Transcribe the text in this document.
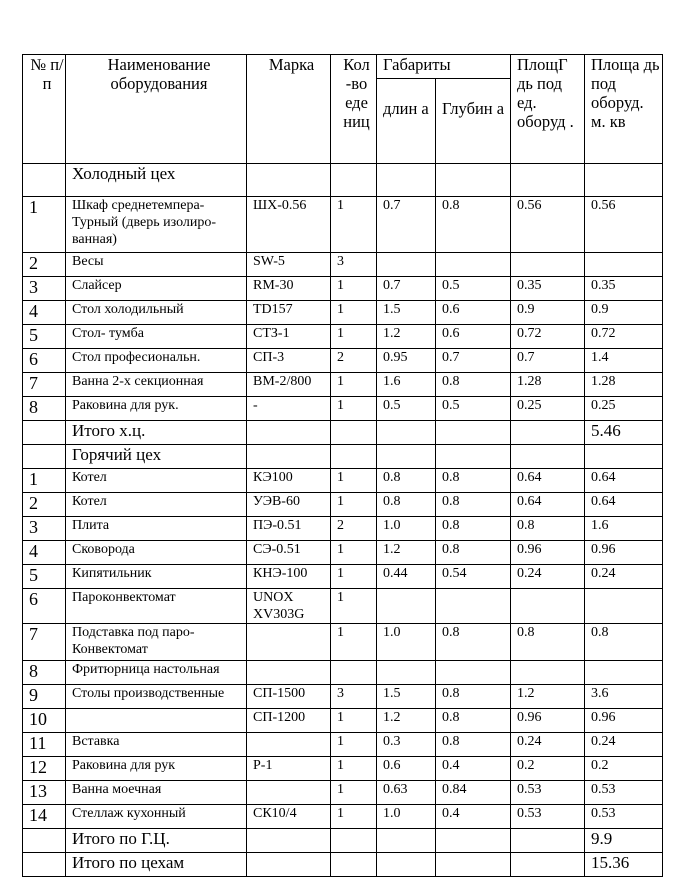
№ п/п	Наименование оборудования	Марка	Кол -во еде ниц	Габариты		ПлощГ дь под ед. оборуд .	Площа дь под оборуд. м. кв
				длин а	Глубин а		
	Холодный цех						
1	Шкаф среднетемпера-Турный (дверь изолиро-ванная)	ШХ-0.56	1	0.7	0.8	0.56	0.56
2	Весы	SW-5	3				
3	Слайсер	RM-30	1	0.7	0.5	0.35	0.35
4	Стол холодильный	TD157	1	1.5	0.6	0.9	0.9
5	Стол- тумба	СТЗ-1	1	1.2	0.6	0.72	0.72
6	Стол професиональн.	СП-3	2	0.95	0.7	0.7	1.4
7	Ванна 2-х секционная	ВМ-2/800	1	1.6	0.8	1.28	1.28
8	Раковина для рук.	-	1	0.5	0.5	0.25	0.25
	Итого х.ц.						5.46
	Горячий цех						
1	Котел	КЭ100	1	0.8	0.8	0.64	0.64
2	Котел	УЭВ-60	1	0.8	0.8	0.64	0.64
3	Плита	ПЭ-0.51	2	1.0	0.8	0.8	1.6
4	Сковорода	СЭ-0.51	1	1.2	0.8	0.96	0.96
5	Кипятильник	КНЭ-100	1	0.44	0.54	0.24	0.24
6	Пароконвектомат	UNOX XV303G	1				
7	Подставка под паро-Конвектомат		1	1.0	0.8	0.8	0.8
8	Фритюрница настольная						
9	Столы производственные	СП-1500	3	1.5	0.8	1.2	3.6
10		СП-1200	1	1.2	0.8	0.96	0.96
11	Вставка		1	0.3	0.8	0.24	0.24
12	Раковина для рук	Р-1	1	0.6	0.4	0.2	0.2
13	Ванна моечная		1	0.63	0.84	0.53	0.53
14	Стеллаж кухонный	СК10/4	1	1.0	0.4	0.53	0.53
	Итого по Г.Ц.						9.9
	Итого по цехам						15.36
